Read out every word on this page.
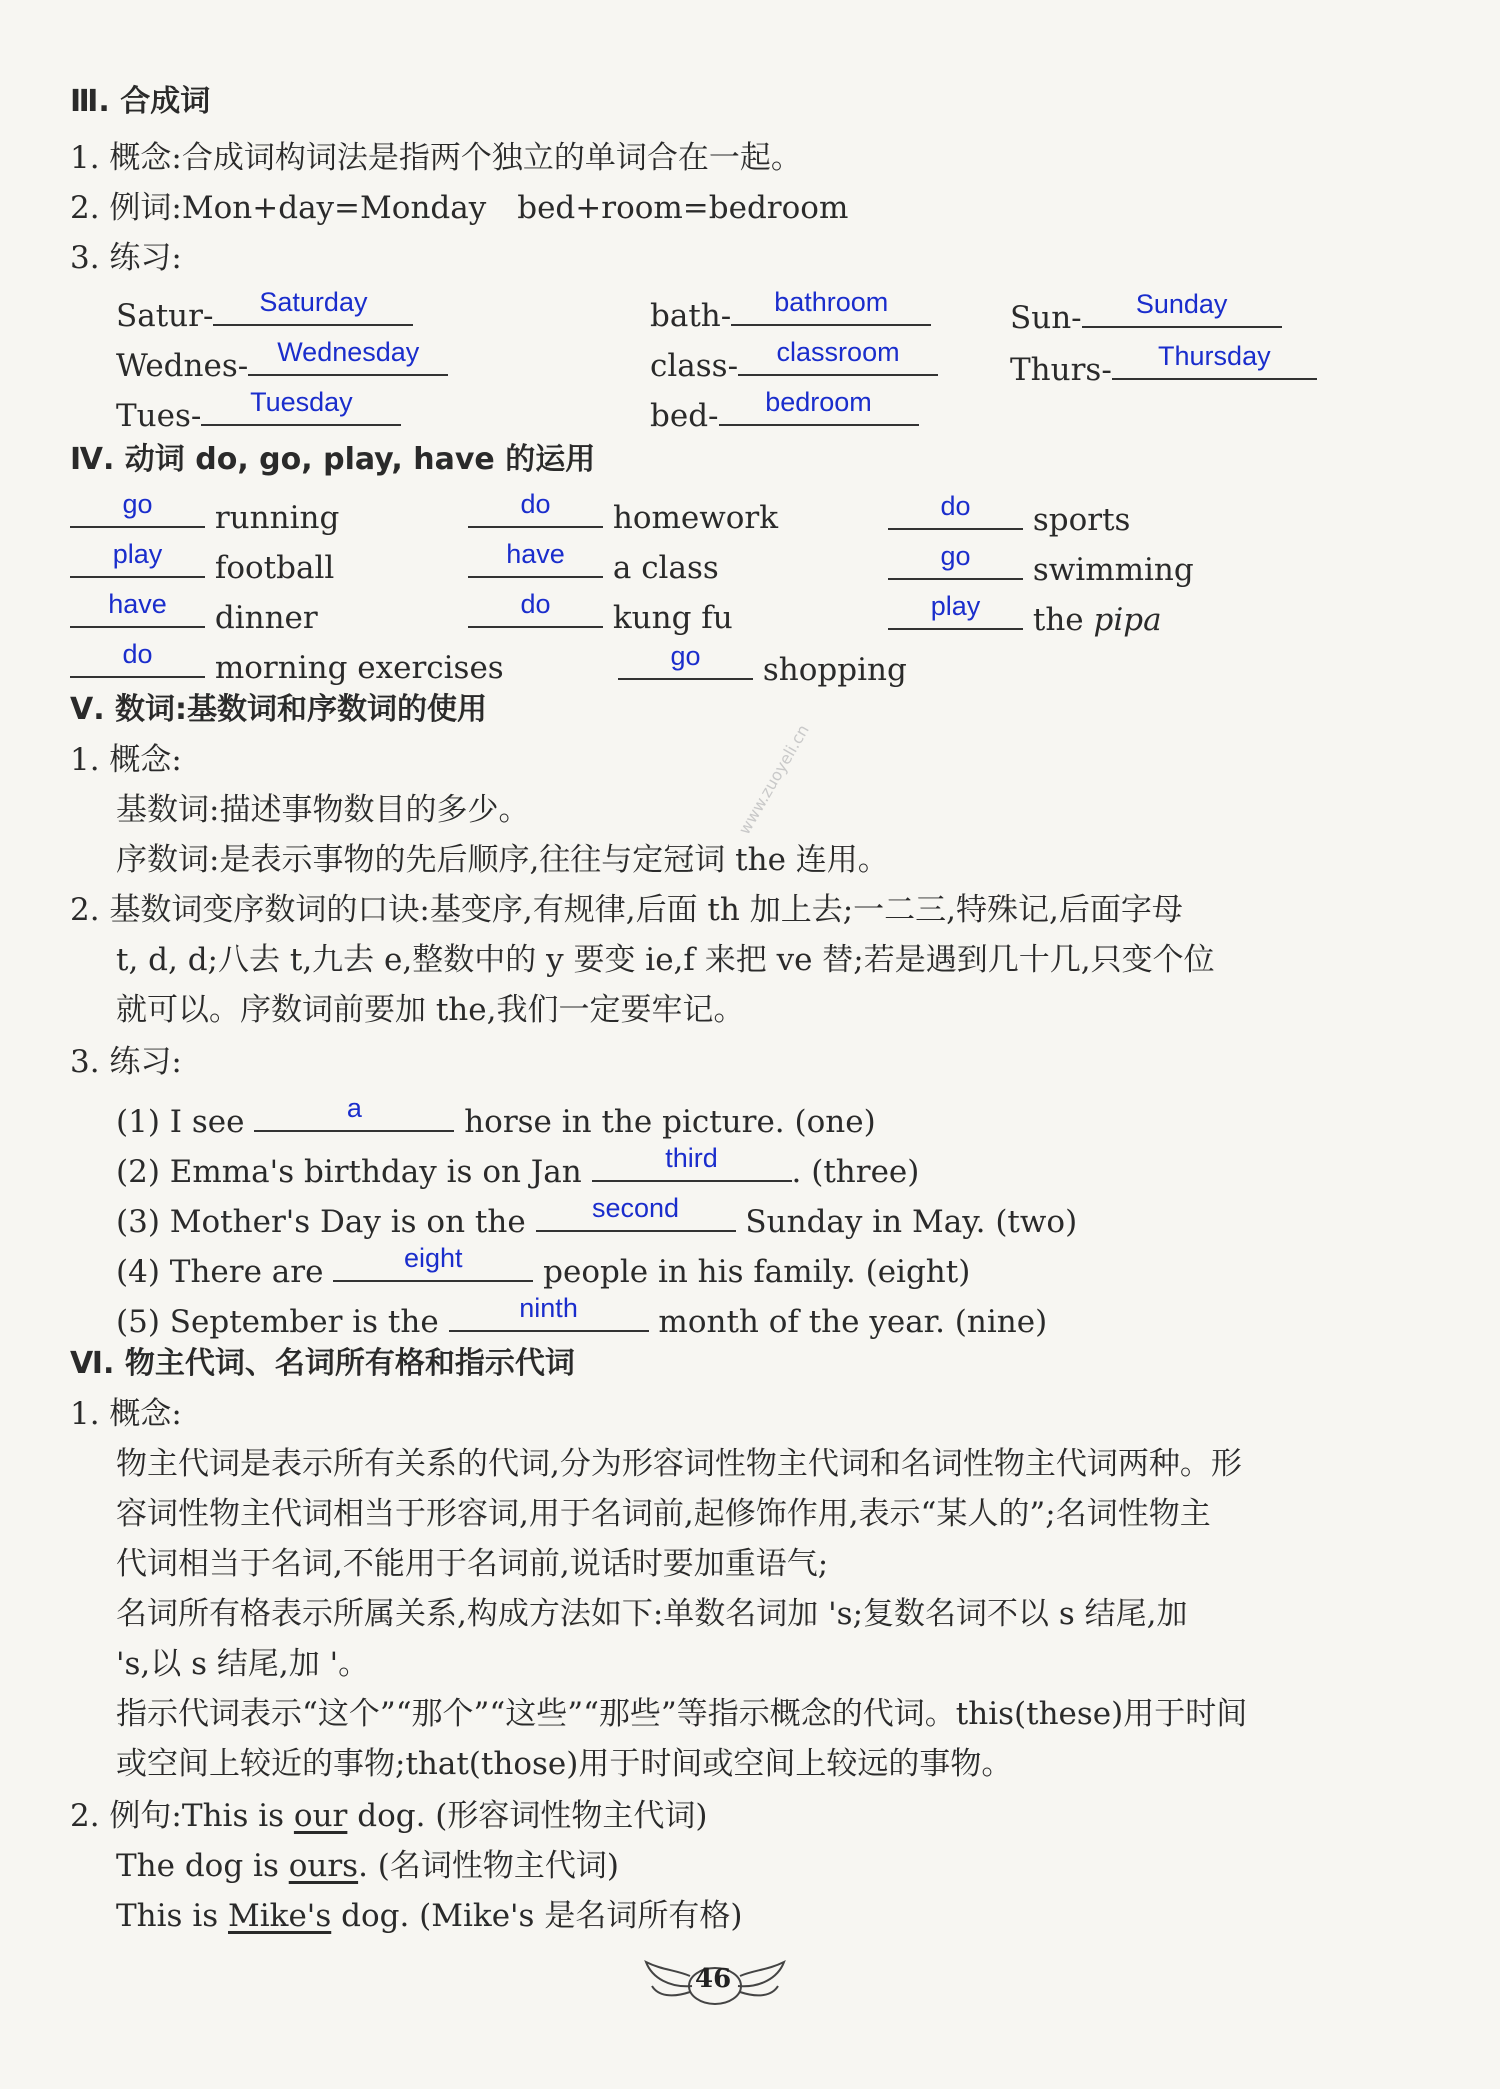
Ⅲ. 合成词
1. 概念:合成词构词法是指两个独立的单词合在一起。
2. 例词:Mon+day=Monday　bed+room=bedroom
3. 练习:
Satur-	Saturday	bath-	bathroom	Sun-	Sunday
Wednes-	Wednesday	class-	classroom	Thurs-	Thursday
Tues-	Tuesday	bed-	bedroom
Ⅳ. 动词 do, go, play, have 的运用
go	running	do	homework	do	sports
play	football	have	a class	go	swimming
have	dinner	do	kung fu	play	the pipa
do	morning exercises	go	shopping
Ⅴ. 数词:基数词和序数词的使用
1. 概念:
基数词:描述事物数目的多少。
序数词:是表示事物的先后顺序,往往与定冠词 the 连用。
2. 基数词变序数词的口诀:基变序,有规律,后面 th 加上去;一二三,特殊记,后面字母
t, d, d;八去 t,九去 e,整数中的 y 要变 ie,f 来把 ve 替;若是遇到几十几,只变个位
就可以。序数词前要加 the,我们一定要牢记。
3. 练习:
(1) I see	a	horse in the picture. (one)
(2) Emma's birthday is on Jan	third	. (three)
(3) Mother's Day is on the	second	Sunday in May. (two)
(4) There are	eight	people in his family. (eight)
(5) September is the	ninth	month of the year. (nine)
Ⅵ. 物主代词、名词所有格和指示代词
1. 概念:
物主代词是表示所有关系的代词,分为形容词性物主代词和名词性物主代词两种。形
容词性物主代词相当于形容词,用于名词前,起修饰作用,表示“某人的”;名词性物主
代词相当于名词,不能用于名词前,说话时要加重语气;
名词所有格表示所属关系,构成方法如下:单数名词加 's;复数名词不以 s 结尾,加
's,以 s 结尾,加 '。
指示代词表示“这个”“那个”“这些”“那些”等指示概念的代词。this(these)用于时间
或空间上较近的事物;that(those)用于时间或空间上较远的事物。
2. 例句:This is our dog. (形容词性物主代词)
The dog is ours. (名词性物主代词)
This is Mike's dog. (Mike's 是名词所有格)
www.zuoyeli.cn
46
